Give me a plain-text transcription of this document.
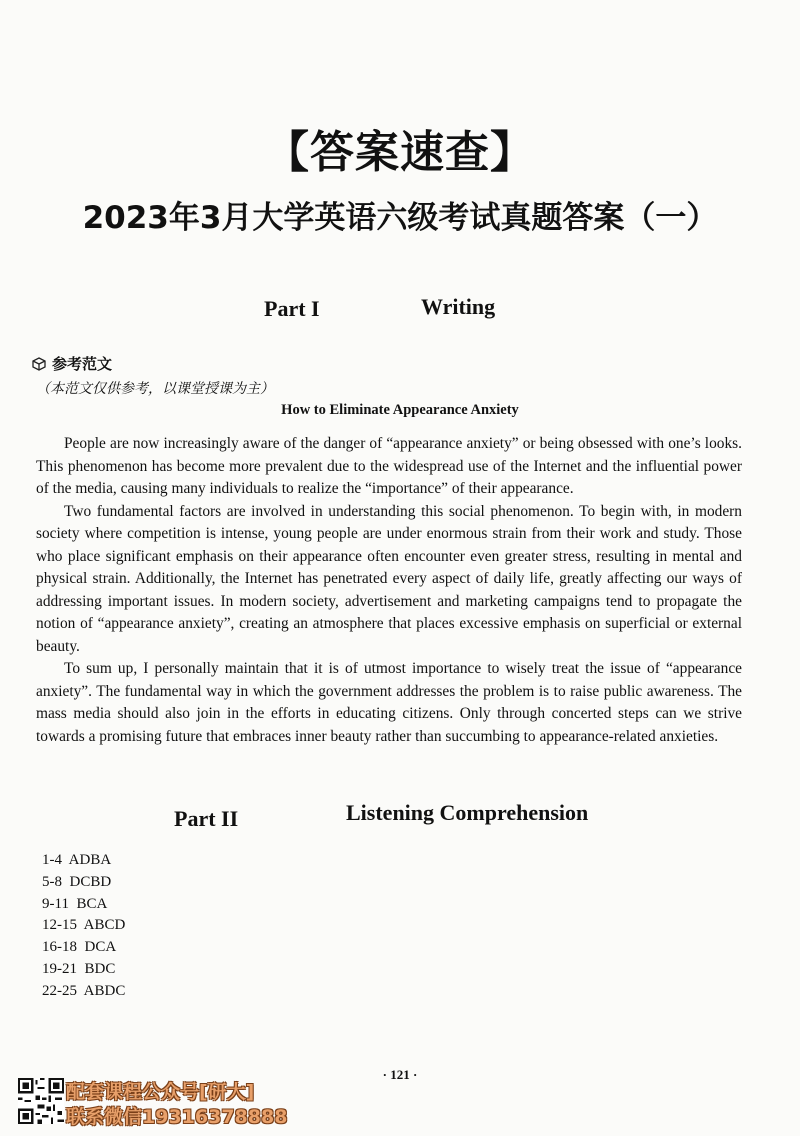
【答案速查】
2023年3月大学英语六级考试真题答案（一）
Part I	Writing
参考范文
（本范文仅供参考，以课堂授课为主）
How to Eliminate Appearance Anxiety

People are now increasingly aware of the danger of “appearance anxiety” or being obsessed with one’s looks. This phenomenon has become more prevalent due to the widespread use of the Internet and the influential power of the media, causing many individuals to realize the “importance” of their appearance.

Two fundamental factors are involved in understanding this social phenomenon. To begin with, in modern society where competition is intense, young people are under enormous strain from their work and study. Those who place significant emphasis on their appearance often encounter even greater stress, resulting in mental and physical strain. Additionally, the Internet has penetrated every aspect of daily life, greatly affecting our ways of addressing important issues. In modern society, advertisement and marketing campaigns tend to propagate the notion of “appearance anxiety”, creating an atmosphere that places excessive emphasis on superficial or external beauty.

To sum up, I personally maintain that it is of utmost importance to wisely treat the issue of “appearance anxiety”. The fundamental way in which the government addresses the problem is to raise public awareness. The mass media should also join in the efforts in educating citizens. Only through concerted steps can we strive towards a promising future that embraces inner beauty rather than succumbing to appearance-related anxieties.

Part II	Listening Comprehension
1-4  ADBA
5-8  DCBD
9-11  BCA
12-15  ABCD
16-18  DCA
19-21  BDC
22-25  ABDC
· 121 ·
配套课程公众号[研大]
联系微信19316378888
